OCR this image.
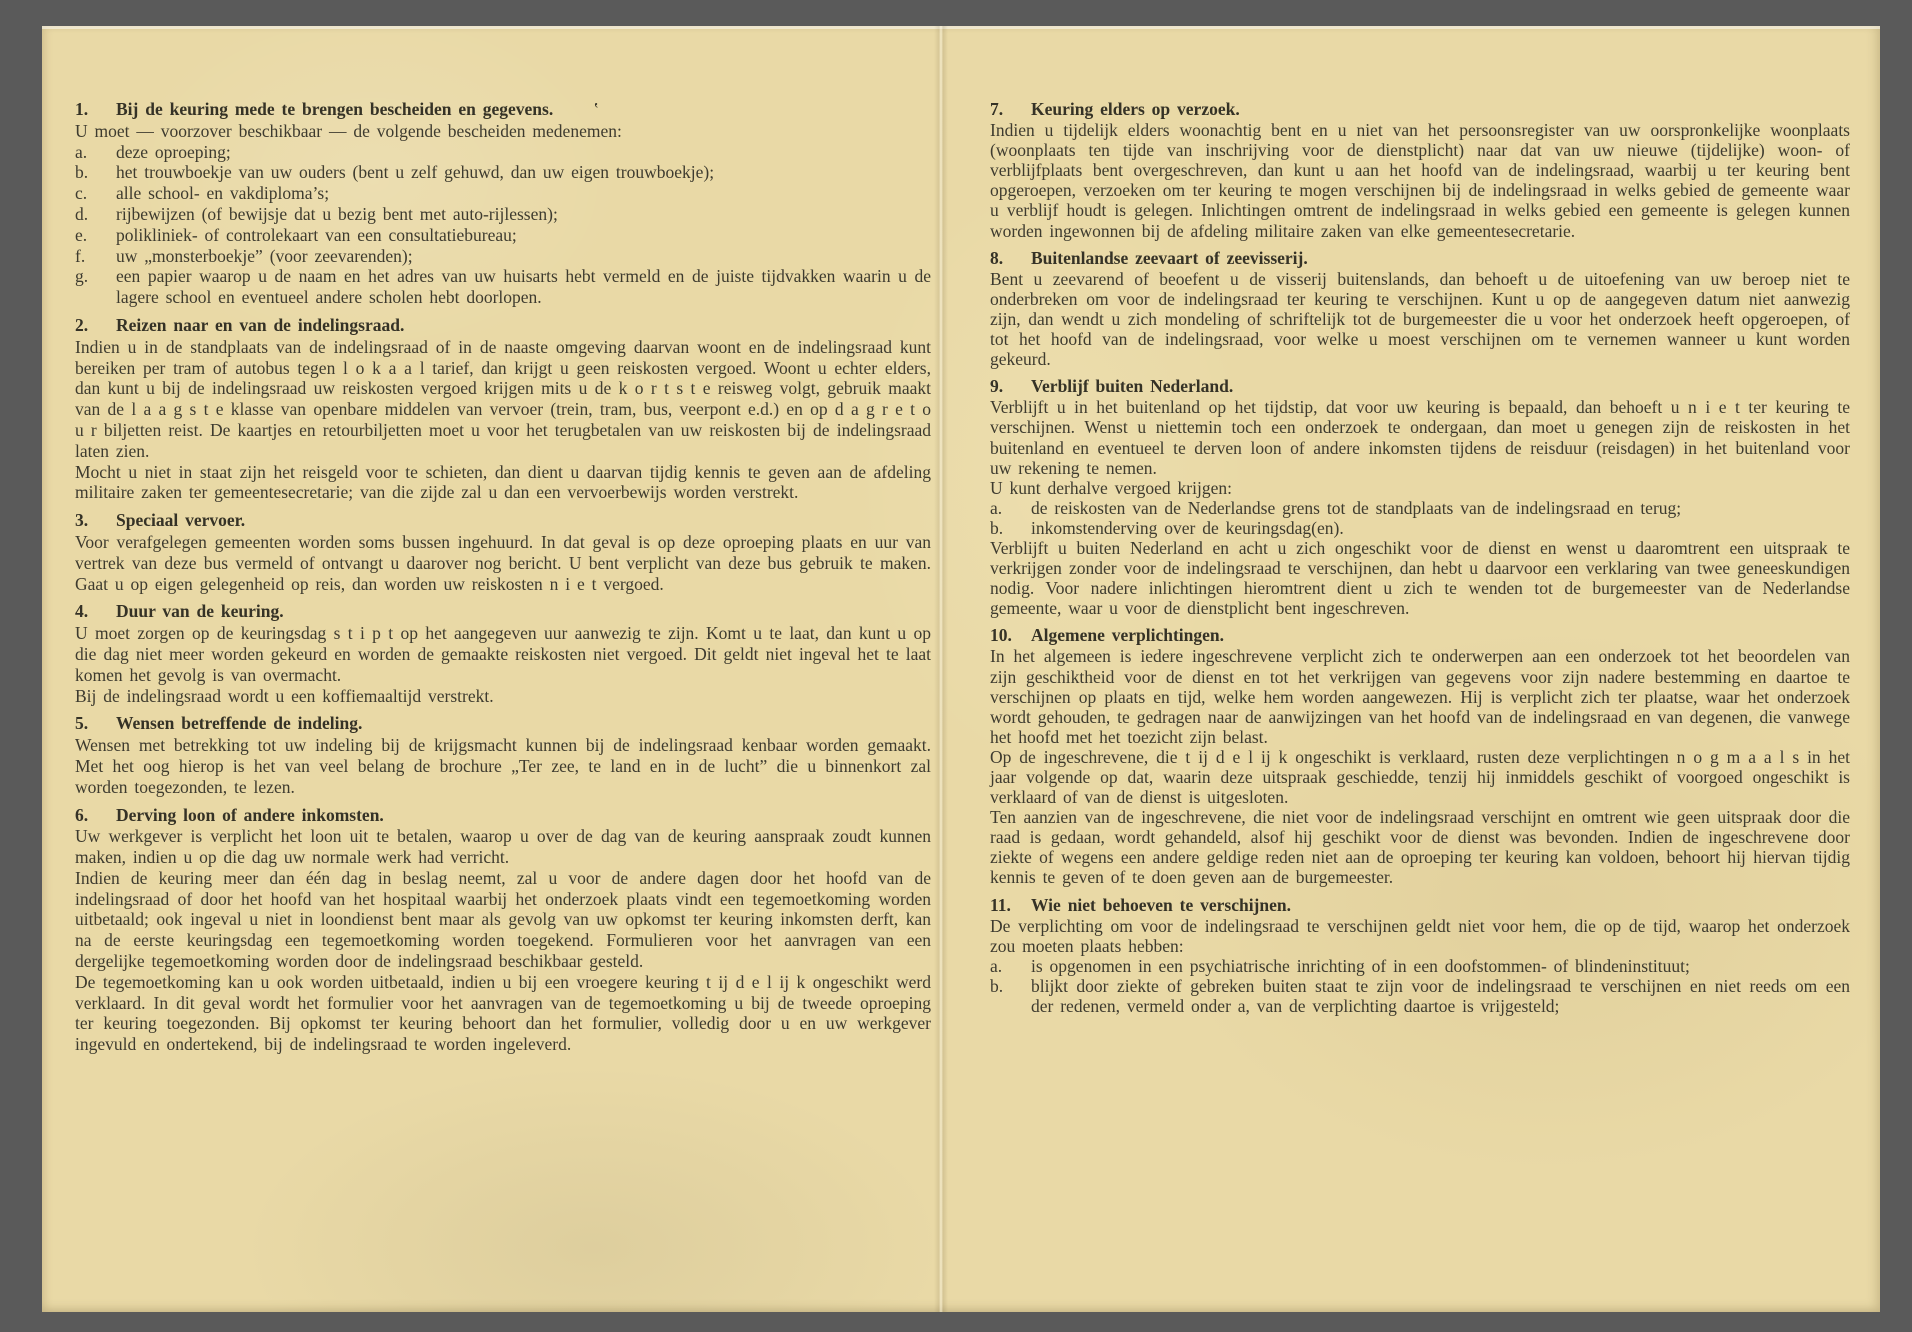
1.	Bij de keuring mede te brengen bescheiden en gegevens. ‛
U moet — voorzover beschikbaar — de volgende bescheiden medenemen:
a.	deze oproeping;
b.	het trouwboekje van uw ouders (bent u zelf gehuwd, dan uw eigen trouwboekje);
c.	alle school- en vakdiploma’s;
d.	rijbewijzen (of bewijsje dat u bezig bent met auto-rijlessen);
e.	polikliniek- of controlekaart van een consultatiebureau;
f.	uw „monsterboekje” (voor zeevarenden);
g.	een papier waarop u de naam en het adres van uw huisarts hebt vermeld en de juiste tijdvakken waarin u de lagere school en eventueel andere scholen hebt doorlopen.
2.	Reizen naar en van de indelingsraad.
Indien u in de standplaats van de indelingsraad of in de naaste omgeving daarvan woont en de indelingsraad kunt bereiken per tram of autobus tegen l o k a a l tarief, dan krijgt u geen reiskosten vergoed. Woont u echter elders, dan kunt u bij de indelingsraad uw reiskosten vergoed krijgen mits u de k o r t s t e reisweg volgt, gebruik maakt van de l a a g s t e klasse van openbare middelen van vervoer (trein, tram, bus, veerpont e.d.) en op d a g r e t o u r biljetten reist. De kaartjes en retourbiljetten moet u voor het terugbetalen van uw reiskosten bij de indelingsraad laten zien.
Mocht u niet in staat zijn het reisgeld voor te schieten, dan dient u daarvan tijdig kennis te geven aan de afdeling militaire zaken ter gemeentesecretarie; van die zijde zal u dan een vervoerbewijs worden verstrekt.
3.	Speciaal vervoer.
Voor verafgelegen gemeenten worden soms bussen ingehuurd. In dat geval is op deze oproeping plaats en uur van vertrek van deze bus vermeld of ontvangt u daarover nog bericht. U bent verplicht van deze bus gebruik te maken. Gaat u op eigen gelegenheid op reis, dan worden uw reiskosten n i e t vergoed.
4.	Duur van de keuring.
U moet zorgen op de keuringsdag s t i p t op het aangegeven uur aanwezig te zijn. Komt u te laat, dan kunt u op die dag niet meer worden gekeurd en worden de gemaakte reiskosten niet vergoed. Dit geldt niet ingeval het te laat komen het gevolg is van overmacht.
Bij de indelingsraad wordt u een koffiemaaltijd verstrekt.
5.	Wensen betreffende de indeling.
Wensen met betrekking tot uw indeling bij de krijgsmacht kunnen bij de indelingsraad kenbaar worden gemaakt. Met het oog hierop is het van veel belang de brochure „Ter zee, te land en in de lucht” die u binnenkort zal worden toegezonden, te lezen.
6.	Derving loon of andere inkomsten.
Uw werkgever is verplicht het loon uit te betalen, waarop u over de dag van de keuring aanspraak zoudt kunnen maken, indien u op die dag uw normale werk had verricht.
Indien de keuring meer dan één dag in beslag neemt, zal u voor de andere dagen door het hoofd van de indelingsraad of door het hoofd van het hospitaal waarbij het onderzoek plaats vindt een tegemoetkoming worden uitbetaald; ook ingeval u niet in loondienst bent maar als gevolg van uw opkomst ter keuring inkomsten derft, kan na de eerste keuringsdag een tegemoetkoming worden toegekend. Formulieren voor het aanvragen van een dergelijke tegemoetkoming worden door de indelingsraad beschikbaar gesteld.
De tegemoetkoming kan u ook worden uitbetaald, indien u bij een vroegere keuring t ij d e l ij k ongeschikt werd verklaard. In dit geval wordt het formulier voor het aanvragen van de tegemoetkoming u bij de tweede oproeping ter keuring toegezonden. Bij opkomst ter keuring behoort dan het formulier, volledig door u en uw werkgever ingevuld en ondertekend, bij de indelingsraad te worden ingeleverd.
7.	Keuring elders op verzoek.
Indien u tijdelijk elders woonachtig bent en u niet van het persoonsregister van uw oorspronkelijke woonplaats (woonplaats ten tijde van inschrijving voor de dienstplicht) naar dat van uw nieuwe (tijdelijke) woon- of verblijfplaats bent overgeschreven, dan kunt u aan het hoofd van de indelingsraad, waarbij u ter keuring bent opgeroepen, verzoeken om ter keuring te mogen verschijnen bij de indelingsraad in welks gebied de gemeente waar u verblijf houdt is gelegen. Inlichtingen omtrent de indelingsraad in welks gebied een gemeente is gelegen kunnen worden ingewonnen bij de afdeling militaire zaken van elke gemeentesecretarie.
8.	Buitenlandse zeevaart of zeevisserij.
Bent u zeevarend of beoefent u de visserij buitenslands, dan behoeft u de uitoefening van uw beroep niet te onderbreken om voor de indelingsraad ter keuring te verschijnen. Kunt u op de aangegeven datum niet aanwezig zijn, dan wendt u zich mondeling of schriftelijk tot de burgemeester die u voor het onderzoek heeft opgeroepen, of tot het hoofd van de indelingsraad, voor welke u moest verschijnen om te vernemen wanneer u kunt worden gekeurd.
9.	Verblijf buiten Nederland.
Verblijft u in het buitenland op het tijdstip, dat voor uw keuring is bepaald, dan behoeft u n i e t ter keuring te verschijnen. Wenst u niettemin toch een onderzoek te ondergaan, dan moet u genegen zijn de reiskosten in het buitenland en eventueel te derven loon of andere inkomsten tijdens de reisduur (reisdagen) in het buitenland voor uw rekening te nemen.
U kunt derhalve vergoed krijgen:
a.	de reiskosten van de Nederlandse grens tot de standplaats van de indelingsraad en terug;
b.	inkomstenderving over de keuringsdag(en).
Verblijft u buiten Nederland en acht u zich ongeschikt voor de dienst en wenst u daaromtrent een uitspraak te verkrijgen zonder voor de indelingsraad te verschijnen, dan hebt u daarvoor een verklaring van twee geneeskundigen nodig. Voor nadere inlichtingen hieromtrent dient u zich te wenden tot de burgemeester van de Nederlandse gemeente, waar u voor de dienstplicht bent ingeschreven.
10.	Algemene verplichtingen.
In het algemeen is iedere ingeschrevene verplicht zich te onderwerpen aan een onderzoek tot het beoordelen van zijn geschiktheid voor de dienst en tot het verkrijgen van gegevens voor zijn nadere bestemming en daartoe te verschijnen op plaats en tijd, welke hem worden aangewezen. Hij is verplicht zich ter plaatse, waar het onderzoek wordt gehouden, te gedragen naar de aanwijzingen van het hoofd van de indelingsraad en van degenen, die vanwege het hoofd met het toezicht zijn belast.
Op de ingeschrevene, die t ij d e l ij k ongeschikt is verklaard, rusten deze verplichtingen n o g m a a l s in het jaar volgende op dat, waarin deze uitspraak geschiedde, tenzij hij inmiddels geschikt of voorgoed ongeschikt is verklaard of van de dienst is uitgesloten.
Ten aanzien van de ingeschrevene, die niet voor de indelingsraad verschijnt en omtrent wie geen uitspraak door die raad is gedaan, wordt gehandeld, alsof hij geschikt voor de dienst was bevonden. Indien de ingeschrevene door ziekte of wegens een andere geldige reden niet aan de oproeping ter keuring kan voldoen, behoort hij hiervan tijdig kennis te geven of te doen geven aan de burgemeester.
11.	Wie niet behoeven te verschijnen.
De verplichting om voor de indelingsraad te verschijnen geldt niet voor hem, die op de tijd, waarop het onderzoek zou moeten plaats hebben:
a.	is opgenomen in een psychiatrische inrichting of in een doofstommen- of blindeninstituut;
b.	blijkt door ziekte of gebreken buiten staat te zijn voor de indelingsraad te verschijnen en niet reeds om een der redenen, vermeld onder a, van de verplichting daartoe is vrijgesteld;
